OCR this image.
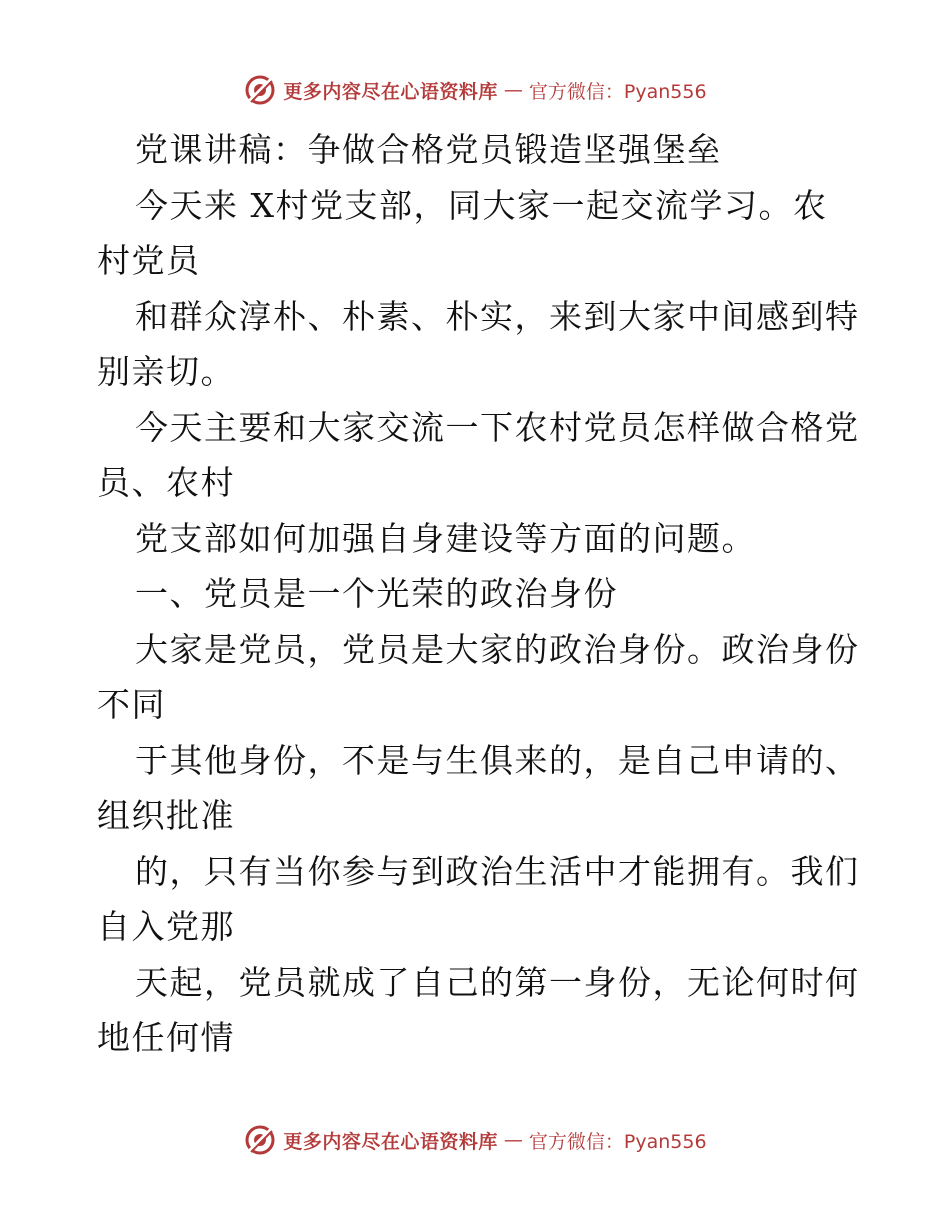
更多内容尽在心语资料库 — 官方微信：Pyan556
党课讲稿：争做合格党员锻造坚强堡垒
今天来 X村党支部，同大家一起交流学习。农
村党员
和群众淳朴、朴素、朴实，来到大家中间感到特
别亲切。
今天主要和大家交流一下农村党员怎样做合格党
员、农村
党支部如何加强自身建设等方面的问题。
一、党员是一个光荣的政治身份
大家是党员，党员是大家的政治身份。政治身份
不同
于其他身份，不是与生俱来的，是自己申请的、
组织批准
的，只有当你参与到政治生活中才能拥有。我们
自入党那
天起，党员就成了自己的第一身份，无论何时何
地任何情
更多内容尽在心语资料库 — 官方微信：Pyan556
